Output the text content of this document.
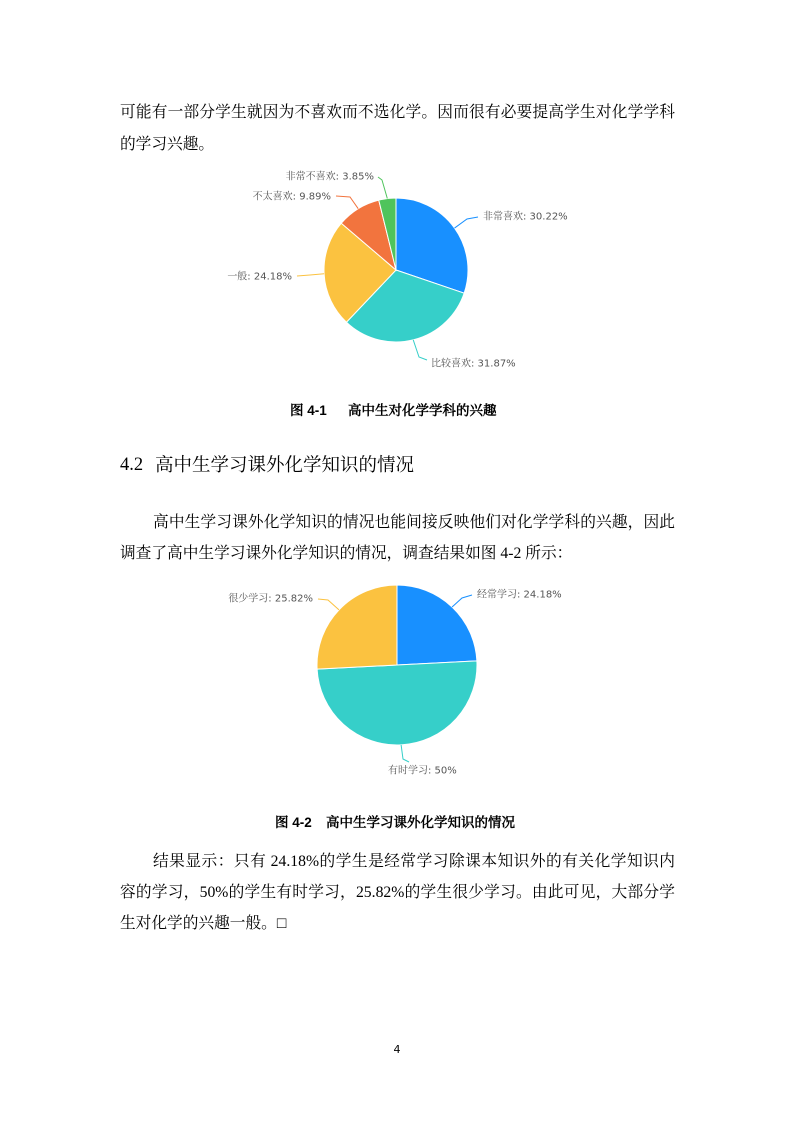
可能有一部分学生就因为不喜欢而不选化学。因而很有必要提高学生对化学学科
的学习兴趣。
非常喜欢: 30.22%
比较喜欢: 31.87%
一般: 24.18%
不太喜欢: 9.89%
非常不喜欢: 3.85%
图 4-1 高中生对化学学科的兴趣
4.2 高中生学习课外化学知识的情况
高中生学习课外化学知识的情况也能间接反映他们对化学学科的兴趣，因此
调查了高中生学习课外化学知识的情况，调查结果如图 4-2 所示：
经常学习: 24.18%
有时学习: 50%
很少学习: 25.82%
图 4-2 高中生学习课外化学知识的情况
结果显示：只有 24.18%的学生是经常学习除课本知识外的有关化学知识内
容的学习，50%的学生有时学习，25.82%的学生很少学习。由此可见，大部分学
生对化学的兴趣一般。□
4
